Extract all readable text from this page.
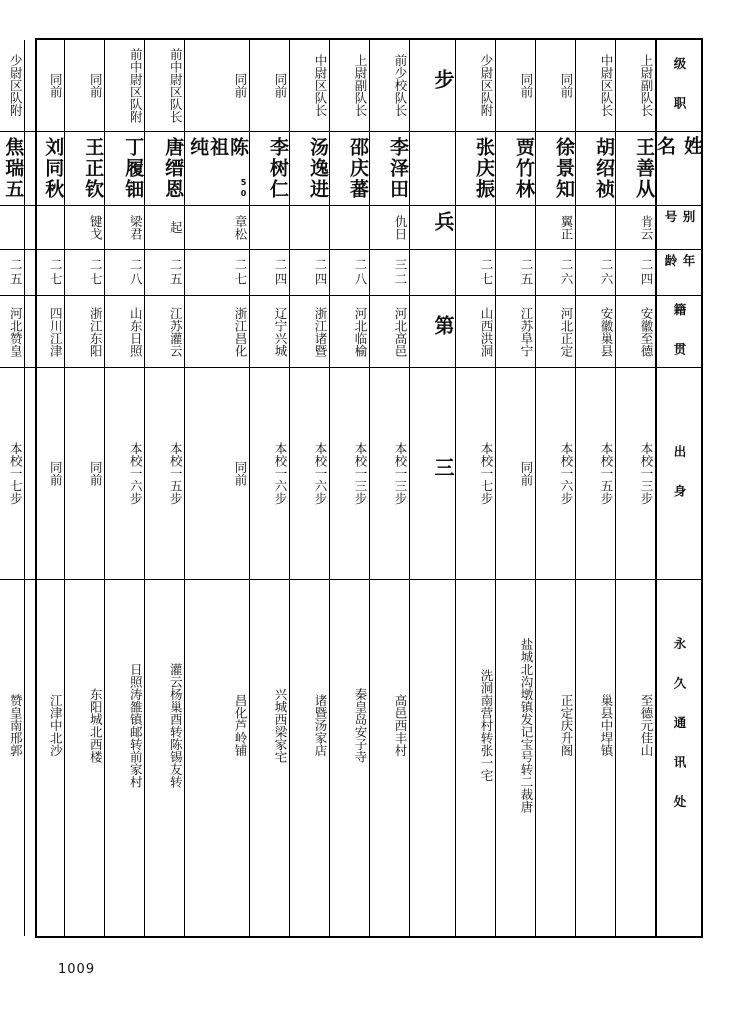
级 职
姓 名
别 号
年 龄
籍 贯
出 身
永 久 通 讯 处
上尉副队长
王善从
肯云
二四
安徽至德
本校一三步
至德元佳山
中尉区队长
胡绍祯
二六
安徽巢县
本校一五步
巢县中垾镇
同前
徐景知
翼正
二六
河北正定
本校一六步
正定庆升阁
同前
贾竹林
二五
江苏阜宁
同前
盐城北沟墩镇发记宝号转二裁唐
少尉区队附
张庆振
二七
山西洪洞
本校一七步
洗洞南营村转张一宅
步
兵
第
三
前少校队长
李泽田
仇日
三二
河北高邑
本校一三步
高邑西丰村
上尉副队长
邵庆蕃
二八
河北临榆
本校一三步
秦皇岛安子寺
中尉区队长
汤逸进
二四
浙江诸暨
本校一六步
诸暨汤家店
同前
李树仁
二四
辽宁兴城
本校一六步
兴城西梁家宅
同前
陈祖纯
50
章松
二七
浙江昌化
同前
昌化芦岭铺
前中尉区队长
唐缙恩
起
二五
江苏灌云
本校一五步
灌云杨巢酉转陈锡友转
前中尉区队附
丁履钿
梁君
二八
山东日照
本校一六步
日照涛雒镇邮转前家村
同前
王正钦
键戈
二七
浙江东阳
同前
东阳城北西楼
同前
刘同秋
二七
四川江津
同前
江津中北沙
少尉区队附
焦瑞五
二五
河北赞皇
本校一七步
赞皇南邢郭
1009
